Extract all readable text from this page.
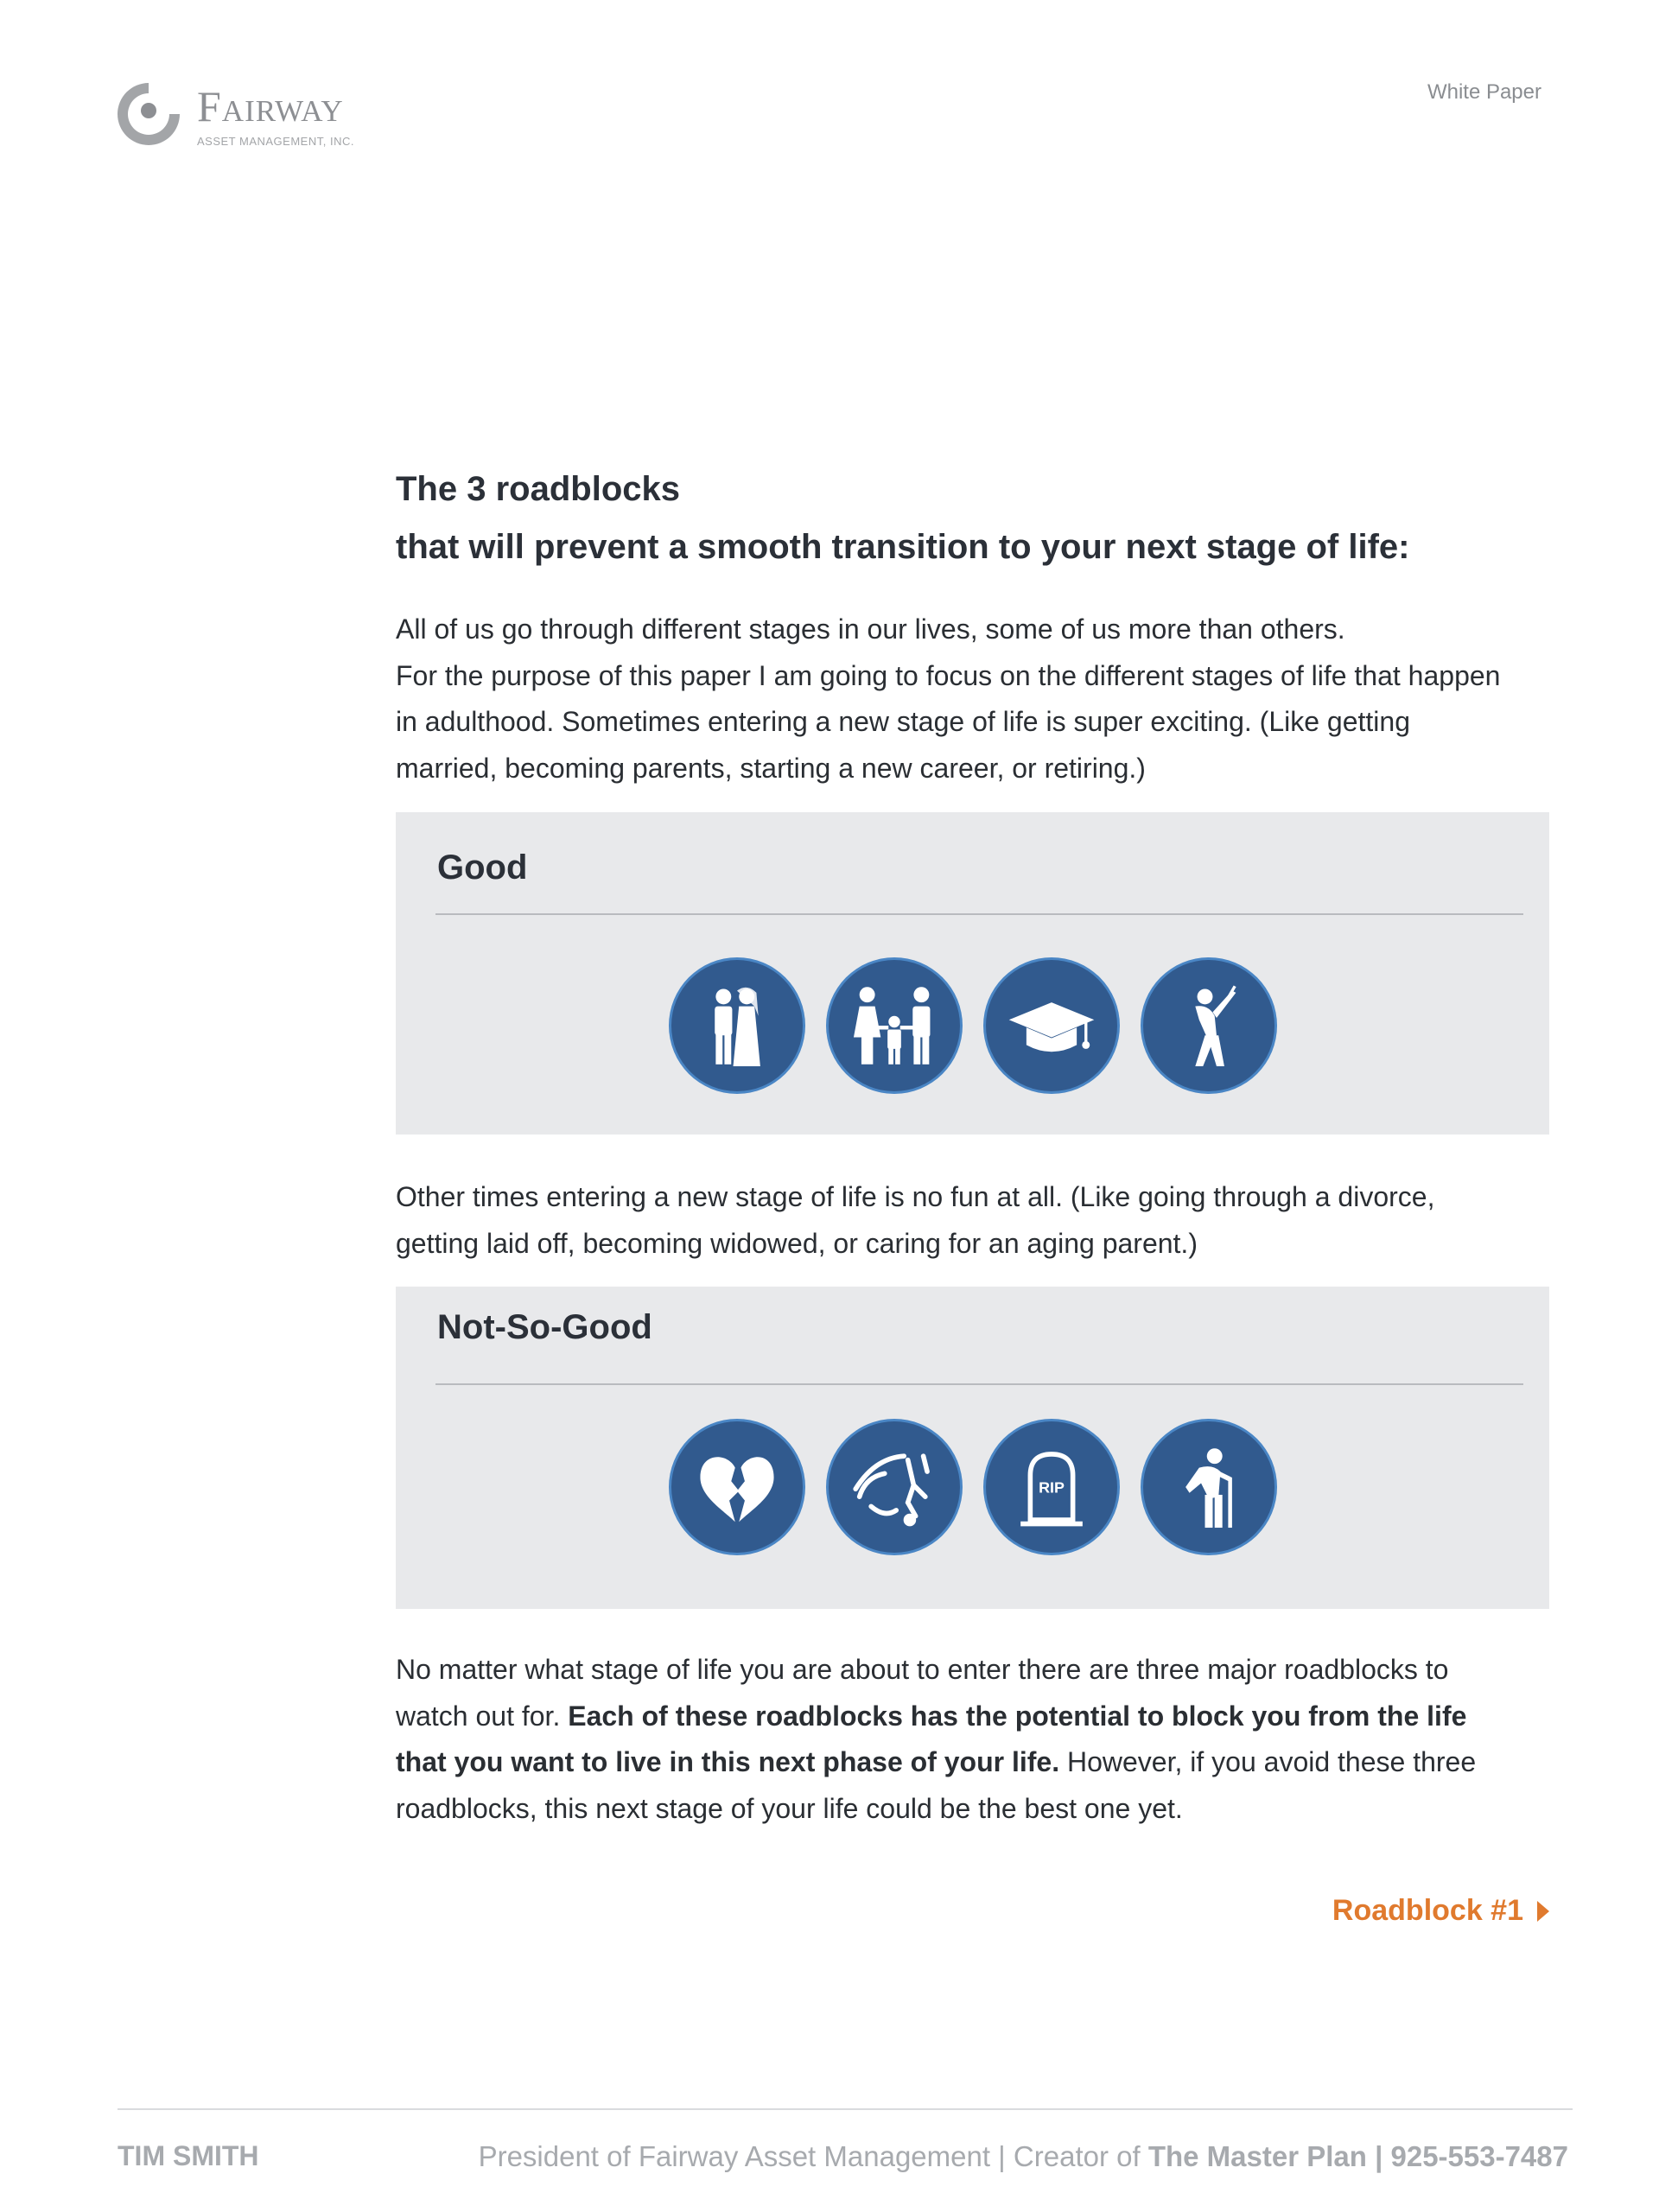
Fairway
ASSET MANAGEMENT, INC.
White Paper

The 3 roadblocks

that will prevent a smooth transition to your next stage of life:

All of us go through different stages in our lives, some of us more than others.

For the purpose of this paper I am going to focus on the different stages of life that happen

in adulthood. Sometimes entering a new stage of life is super exciting. (Like getting

married, becoming parents, starting a new career, or retiring.)

Good

Other times entering a new stage of life is no fun at all. (Like going through a divorce,

getting laid off, becoming widowed, or caring for an aging parent.)

Not-So-Good
RIP

No matter what stage of life you are about to enter there are three major roadblocks to

watch out for. Each of these roadblocks has the potential to block you from the life

that you want to live in this next phase of your life. However, if you avoid these three

roadblocks, this next stage of your life could be the best one yet.

Roadblock #1
TIM SMITH	President of Fairway Asset Management | Creator of The Master Plan | 925-553-7487
